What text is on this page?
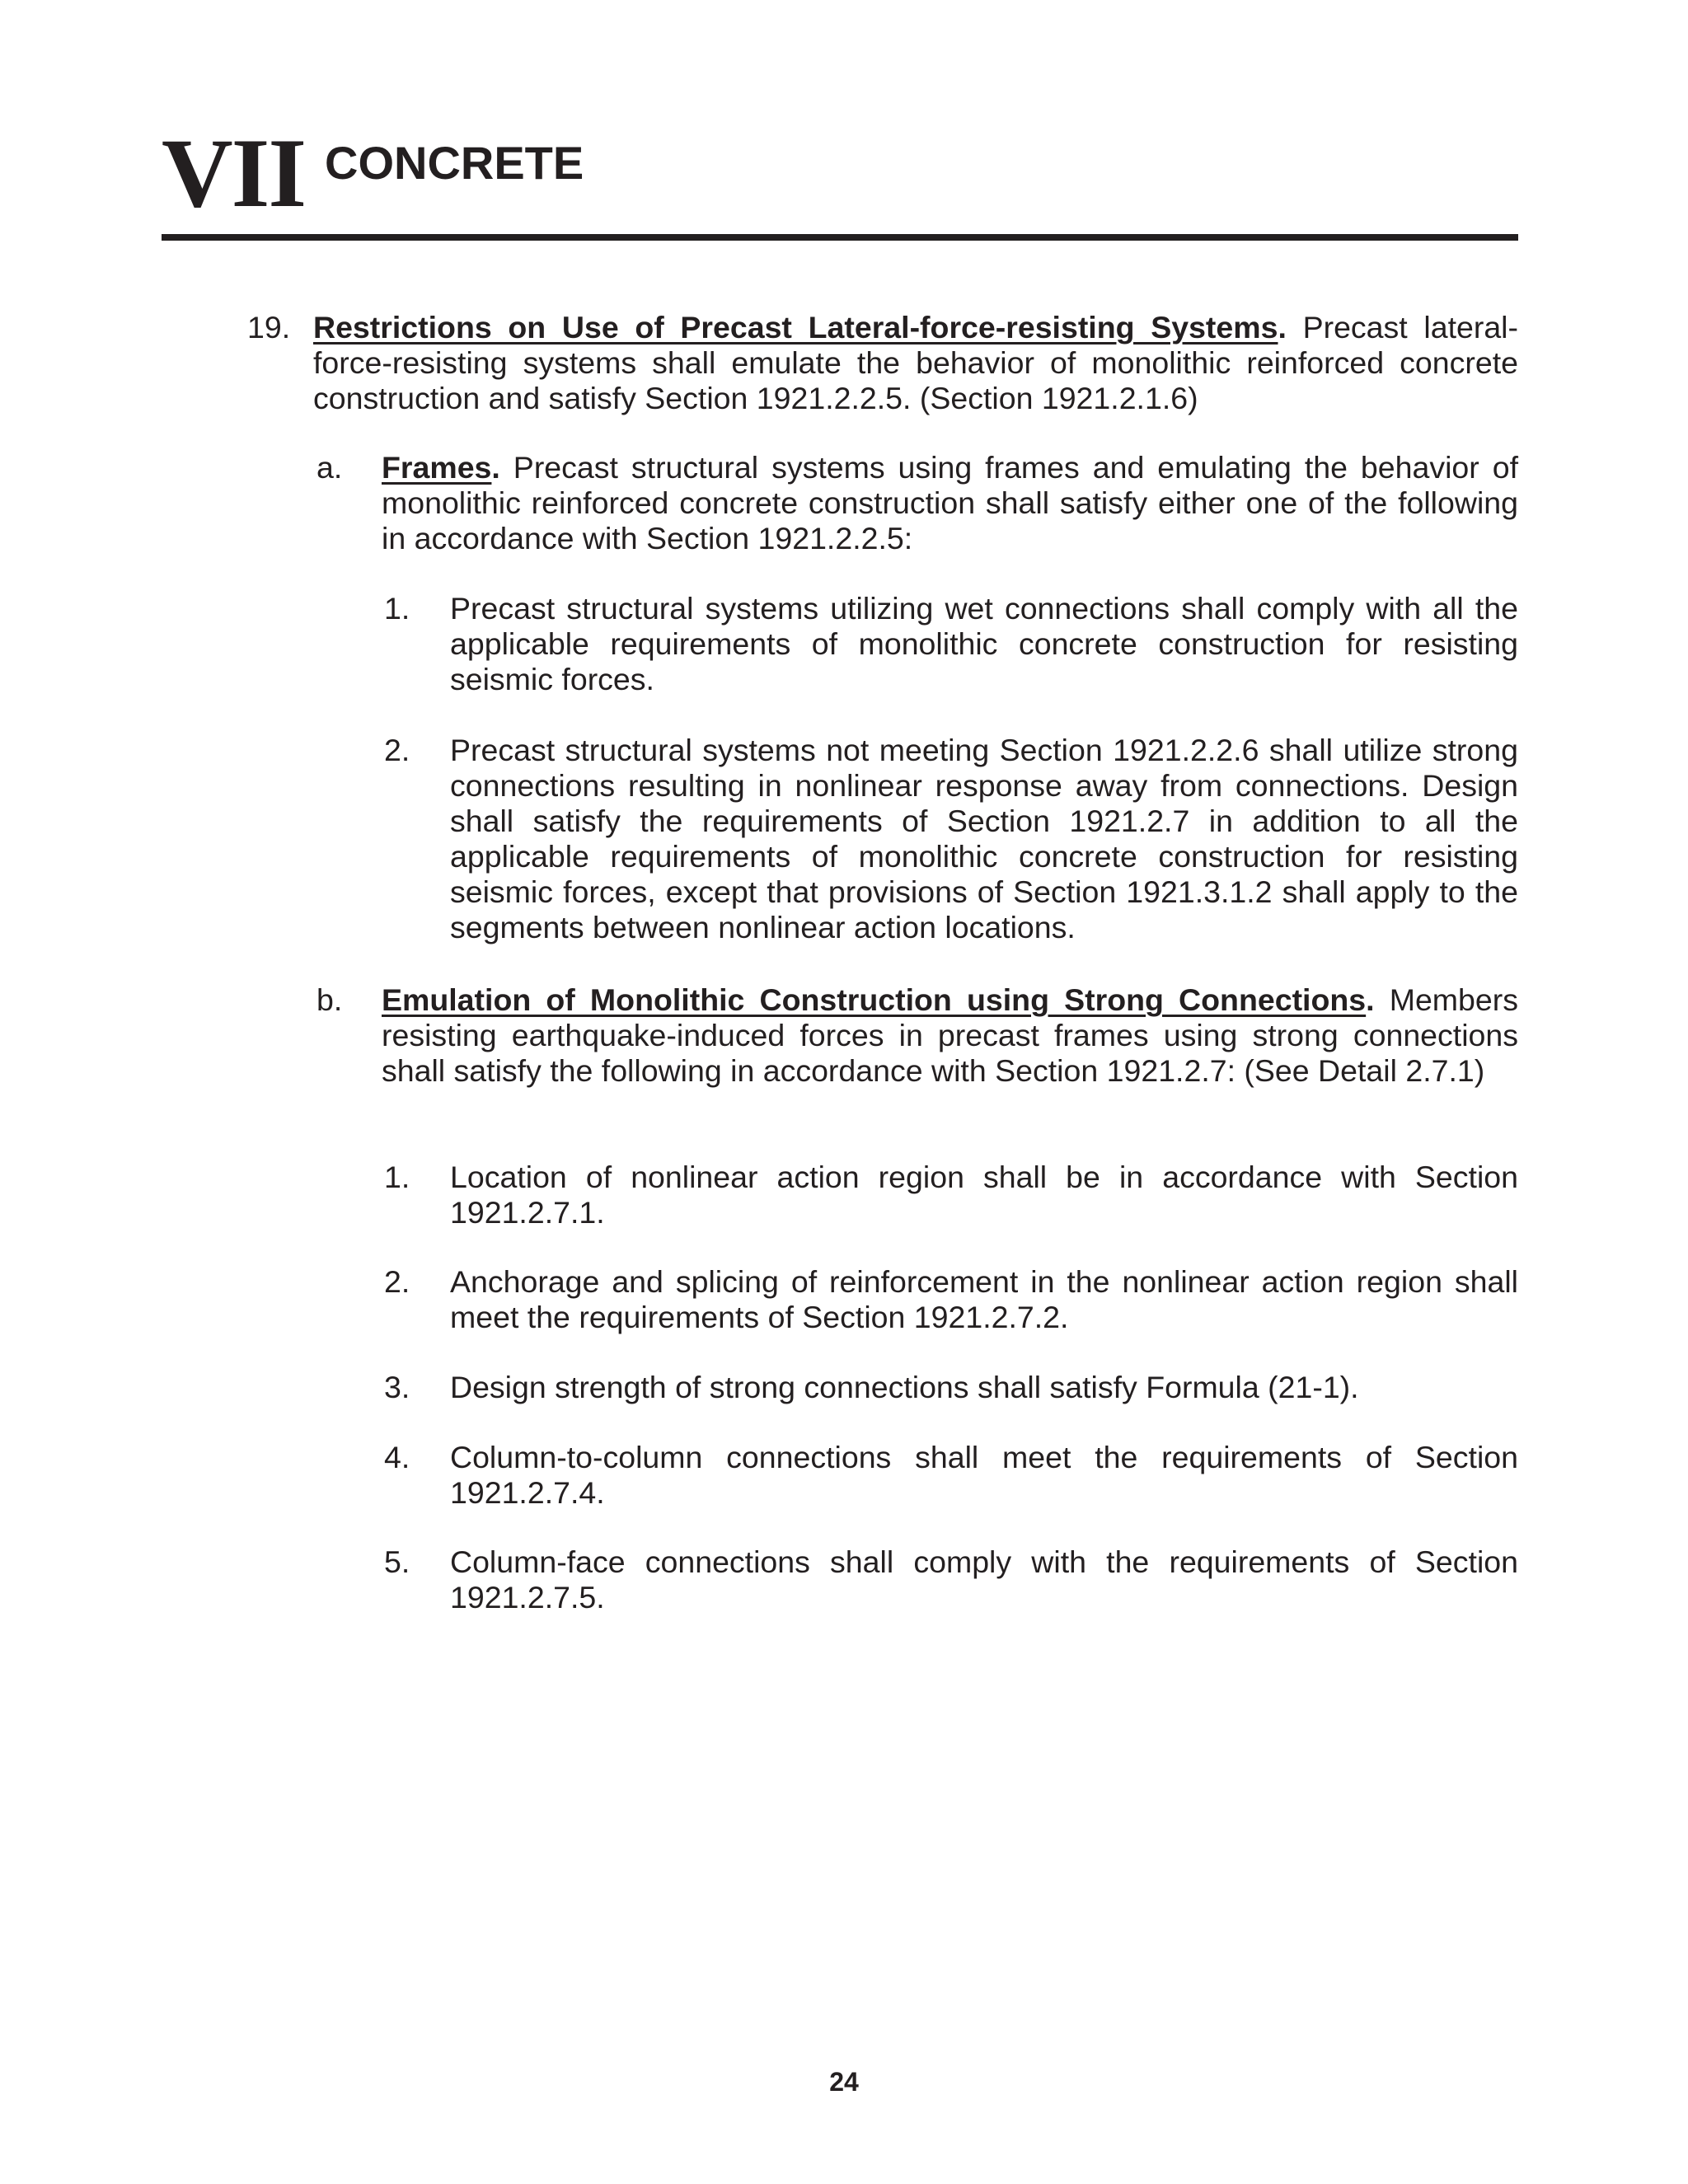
VII CONCRETE
19. Restrictions on Use of Precast Lateral-force-resisting Systems. Precast lateral-force-resisting systems shall emulate the behavior of monolithic reinforced concrete construction and satisfy Section 1921.2.2.5. (Section 1921.2.1.6)
a. Frames. Precast structural systems using frames and emulating the behavior of monolithic reinforced concrete construction shall satisfy either one of the following in accordance with Section 1921.2.2.5:
1. Precast structural systems utilizing wet connections shall comply with all the applicable requirements of monolithic concrete construction for resisting seismic forces.
2. Precast structural systems not meeting Section 1921.2.2.6 shall utilize strong connections resulting in nonlinear response away from connections. Design shall satisfy the requirements of Section 1921.2.7 in addition to all the applicable requirements of monolithic concrete construction for resisting seismic forces, except that provisions of Section 1921.3.1.2 shall apply to the segments between nonlinear action locations.
b. Emulation of Monolithic Construction using Strong Connections. Members resisting earthquake-induced forces in precast frames using strong connections shall satisfy the following in accordance with Section 1921.2.7: (See Detail 2.7.1)
1. Location of nonlinear action region shall be in accordance with Section 1921.2.7.1.
2. Anchorage and splicing of reinforcement in the nonlinear action region shall meet the requirements of Section 1921.2.7.2.
3. Design strength of strong connections shall satisfy Formula (21-1).
4. Column-to-column connections shall meet the requirements of Section 1921.2.7.4.
5. Column-face connections shall comply with the requirements of Section 1921.2.7.5.
24
